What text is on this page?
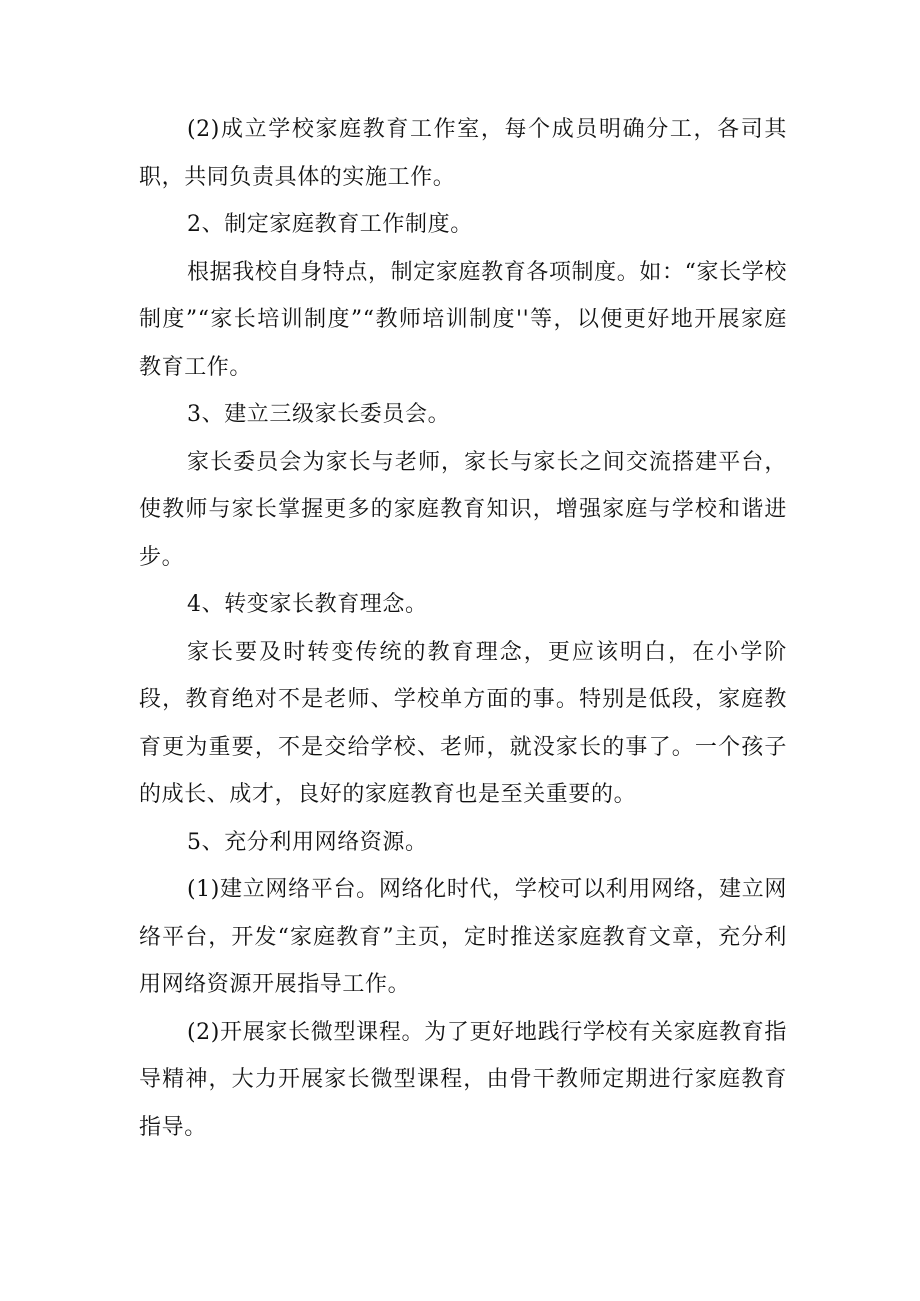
(2)成立学校家庭教育工作室，每个成员明确分工，各司其职，共同负责具体的实施工作。

2、制定家庭教育工作制度。

根据我校自身特点，制定家庭教育各项制度。如：“家长学校制度”“家长培训制度”“教师培训制度''等，以便更好地开展家庭教育工作。

3、建立三级家长委员会。

家长委员会为家长与老师，家长与家长之间交流搭建平台，使教师与家长掌握更多的家庭教育知识，增强家庭与学校和谐进步。

4、转变家长教育理念。

家长要及时转变传统的教育理念，更应该明白，在小学阶段，教育绝对不是老师、学校单方面的事。特别是低段，家庭教育更为重要，不是交给学校、老师，就没家长的事了。一个孩子的成长、成才，良好的家庭教育也是至关重要的。

5、充分利用网络资源。

(1)建立网络平台。网络化时代，学校可以利用网络，建立网络平台，开发“家庭教育”主页，定时推送家庭教育文章，充分利用网络资源开展指导工作。

(2)开展家长微型课程。为了更好地践行学校有关家庭教育指导精神，大力开展家长微型课程，由骨干教师定期进行家庭教育指导。
